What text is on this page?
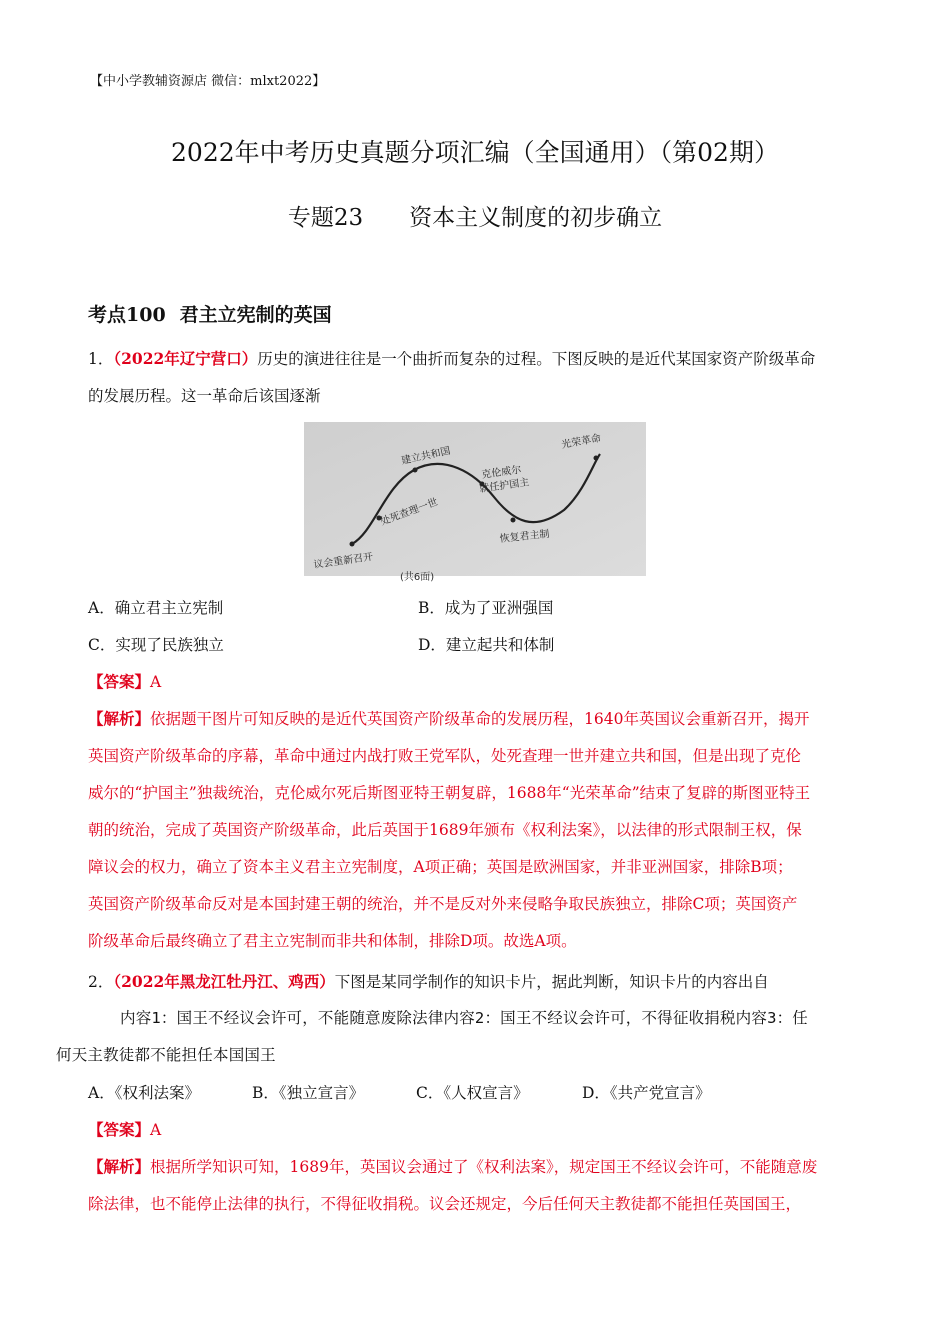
【中小学教辅资源店 微信：mlxt2022】
2022年中考历史真题分项汇编（全国通用）（第02期）
专题23 资本主义制度的初步确立
考点100 君主立宪制的英国
1．（2022年辽宁营口）历史的演进往往是一个曲折而复杂的过程。下图反映的是近代某国家资产阶级革命
的发展历程。这一革命后该国逐渐
议会重新召开
处死查理一世
建立共和国
克伦威尔
就任护国主
恢复君主制
光荣革命
(共6面)
A．确立君主立宪制	B．成为了亚洲强国
C．实现了民族独立	D．建立起共和体制
【答案】A
【解析】依据题干图片可知反映的是近代英国资产阶级革命的发展历程，1640年英国议会重新召开，揭开
英国资产阶级革命的序幕，革命中通过内战打败王党军队，处死查理一世并建立共和国，但是出现了克伦
威尔的“护国主”独裁统治，克伦威尔死后斯图亚特王朝复辟，1688年“光荣革命”结束了复辟的斯图亚特王
朝的统治，完成了英国资产阶级革命，此后英国于1689年颁布《权利法案》，以法律的形式限制王权，保
障议会的权力，确立了资本主义君主立宪制度，A项正确；英国是欧洲国家，并非亚洲国家，排除B项；
英国资产阶级革命反对是本国封建王朝的统治，并不是反对外来侵略争取民族独立，排除C项；英国资产
阶级革命后最终确立了君主立宪制而非共和体制，排除D项。故选A项。
2．（2022年黑龙江牡丹江、鸡西）下图是某同学制作的知识卡片，据此判断，知识卡片的内容出自
内容1：国王不经议会许可，不能随意废除法律内容2：国王不经议会许可，不得征收捐税内容3：任
何天主教徒都不能担任本国国王
A．《权利法案》	B．《独立宣言》	C．《人权宣言》	D．《共产党宣言》
【答案】A
【解析】根据所学知识可知，1689年，英国议会通过了《权利法案》，规定国王不经议会许可，不能随意废
除法律，也不能停止法律的执行，不得征收捐税。议会还规定，今后任何天主教徒都不能担任英国国王，
